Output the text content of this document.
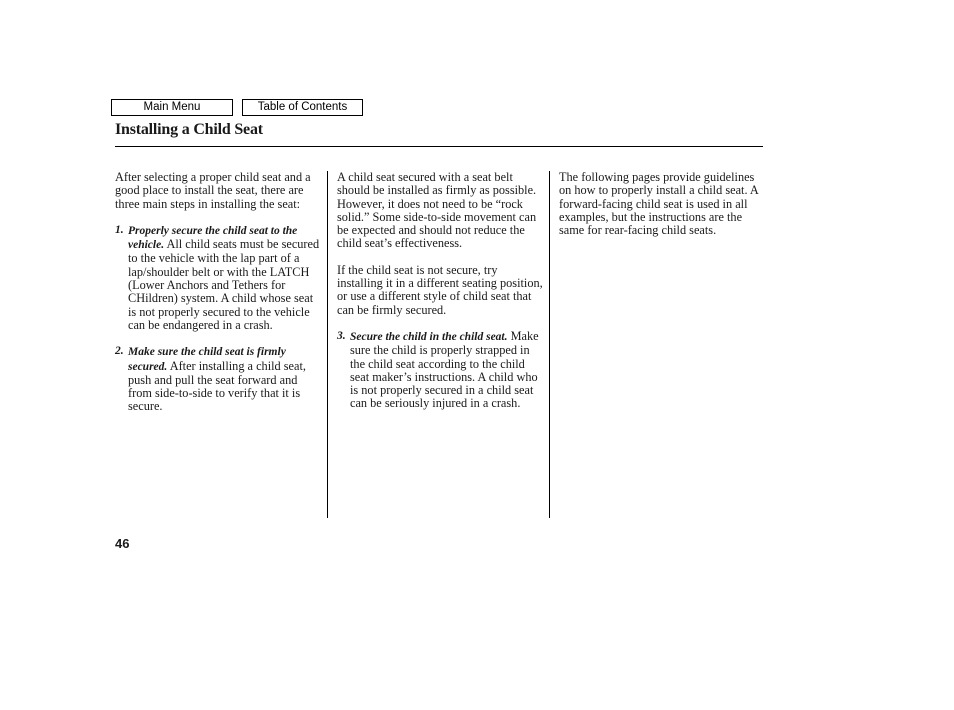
Main Menu	Table of Contents
Installing a Child Seat

After selecting a proper child seat and a good place to install the seat, there are three main steps in installing the seat:

1. Properly secure the child seat to the vehicle. All child seats must be secured to the vehicle with the lap part of a lap/shoulder belt or with the LATCH (Lower Anchors and Tethers for CHildren) system. A child whose seat is not properly secured to the vehicle can be endangered in a crash.
2. Make sure the child seat is firmly secured. After installing a child seat, push and pull the seat forward and from side-to-side to verify that it is secure.

A child seat secured with a seat belt should be installed as firmly as possible. However, it does not need to be “rock solid.” Some side-to-side movement can be expected and should not reduce the child seat’s effectiveness.

If the child seat is not secure, try installing it in a different seating position, or use a different style of child seat that can be firmly secured.

3. Secure the child in the child seat. Make sure the child is properly strapped in the child seat according to the child seat maker’s instructions. A child who is not properly secured in a child seat can be seriously injured in a crash.

The following pages provide guidelines on how to properly install a child seat. A forward-facing child seat is used in all examples, but the instructions are the same for rear-facing child seats.

46
